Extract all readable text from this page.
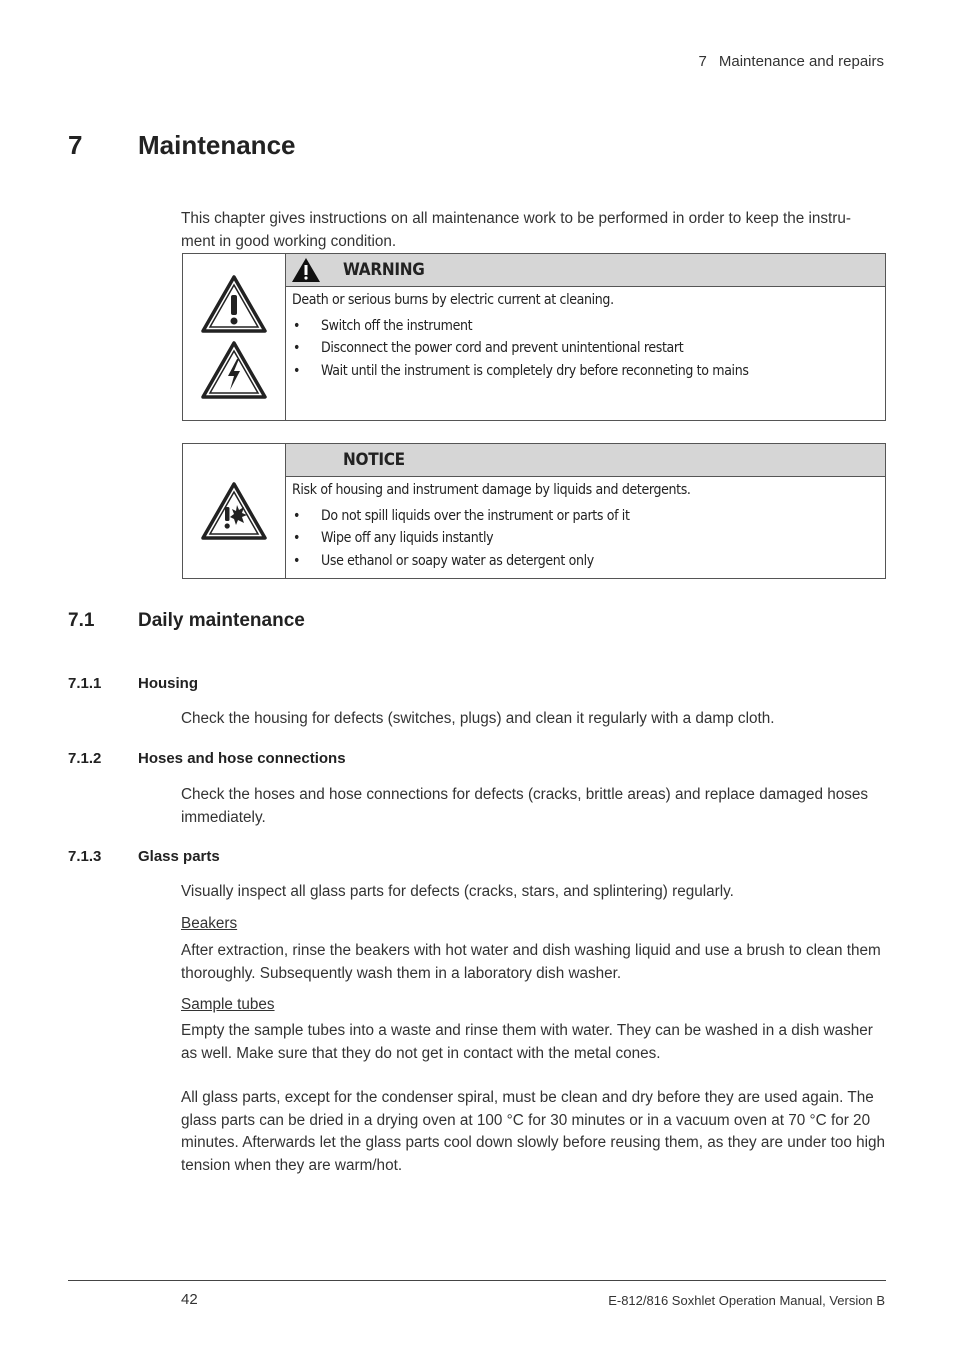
7 Maintenance and repairs
7 Maintenance
This chapter gives instructions on all maintenance work to be performed in order to keep the instru-ment in good working condition.
WARNING

Death or serious burns by electric current at cleaning.

• Switch off the instrument
• Disconnect the power cord and prevent unintentional restart
• Wait until the instrument is completely dry before reconneting to mains
NOTICE

Risk of housing and instrument damage by liquids and detergents.

• Do not spill liquids over the instrument or parts of it
• Wipe off any liquids instantly
• Use ethanol or soapy water as detergent only
7.1 Daily maintenance
7.1.1 Housing
Check the housing for defects (switches, plugs) and clean it regularly with a damp cloth.
7.1.2 Hoses and hose connections
Check the hoses and hose connections for defects (cracks, brittle areas) and replace damaged hoses immediately.
7.1.3 Glass parts
Visually inspect all glass parts for defects (cracks, stars, and splintering) regularly.
Beakers
After extraction, rinse the beakers with hot water and dish washing liquid and use a brush to clean them thoroughly. Subsequently wash them in a laboratory dish washer.
Sample tubes
Empty the sample tubes into a waste and rinse them with water. They can be washed in a dish washer as well. Make sure that they do not get in contact with the metal cones.
All glass parts, except for the condenser spiral, must be clean and dry before they are used again. The glass parts can be dried in a drying oven at 100 °C for 30 minutes or in a vacuum oven at 70 °C for 20 minutes. Afterwards let the glass parts cool down slowly before reusing them, as they are under too high tension when they are warm/hot.
42	E-812/816 Soxhlet Operation Manual, Version B
